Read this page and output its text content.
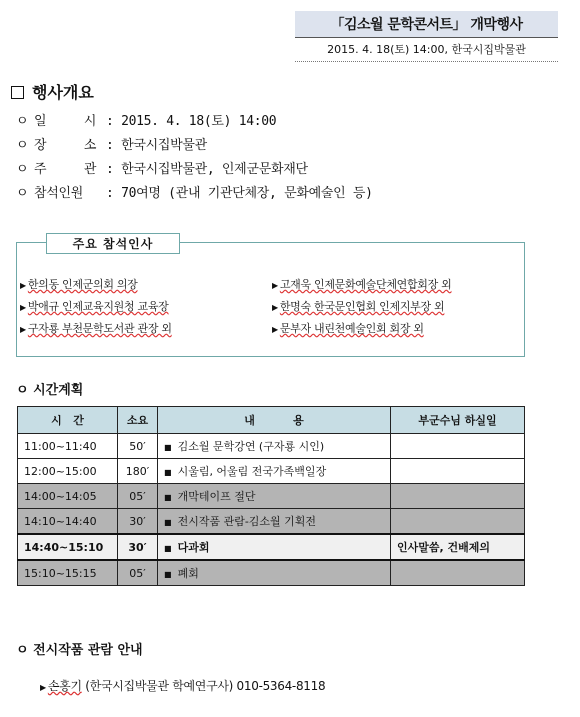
「김소월 문학콘서트」 개막행사
2015. 4. 18(토) 14:00, 한국시집박물관
행사개요
ㅇ 일     시 : 2015. 4. 18(토) 14:00
ㅇ 장     소 : 한국시집박물관
ㅇ 주     관 : 한국시집박물관, 인제군문화재단
ㅇ 참석인원 : 70여명 (관내 기관단체장, 문화예술인 등)
주요 참석인사
▶ 한의동 인제군의회 의장
▶ 박애규 인제교육지원청 교육장
▶ 구자룡 부천문학도서관 관장 외
▶ 고재욱 인제문화예술단체연합회장 외
▶ 한명숙 한국문인협회 인제지부장 외
▶ 문부자 내린천예술인회 회장 외
ㅇ 시간계획
시   간	소요	내          용	부군수님 하실일
11:00~11:40	50′	■ 김소월 문학강연 (구자룡 시인)	
12:00~15:00	180′	■ 시울림, 어울림 전국가족백일장	
14:00~14:05	05′	■ 개막테이프 절단	
14:10~14:40	30′	■ 전시작품 관람-김소월 기획전	
14:40~15:10	30′	■ 다과회	인사말씀, 건배제의
15:10~15:15	05′	■ 폐회	
ㅇ 전시작품 관람 안내
▶ 손홍기 (한국시집박물관 학예연구사) 010-5364-8118
